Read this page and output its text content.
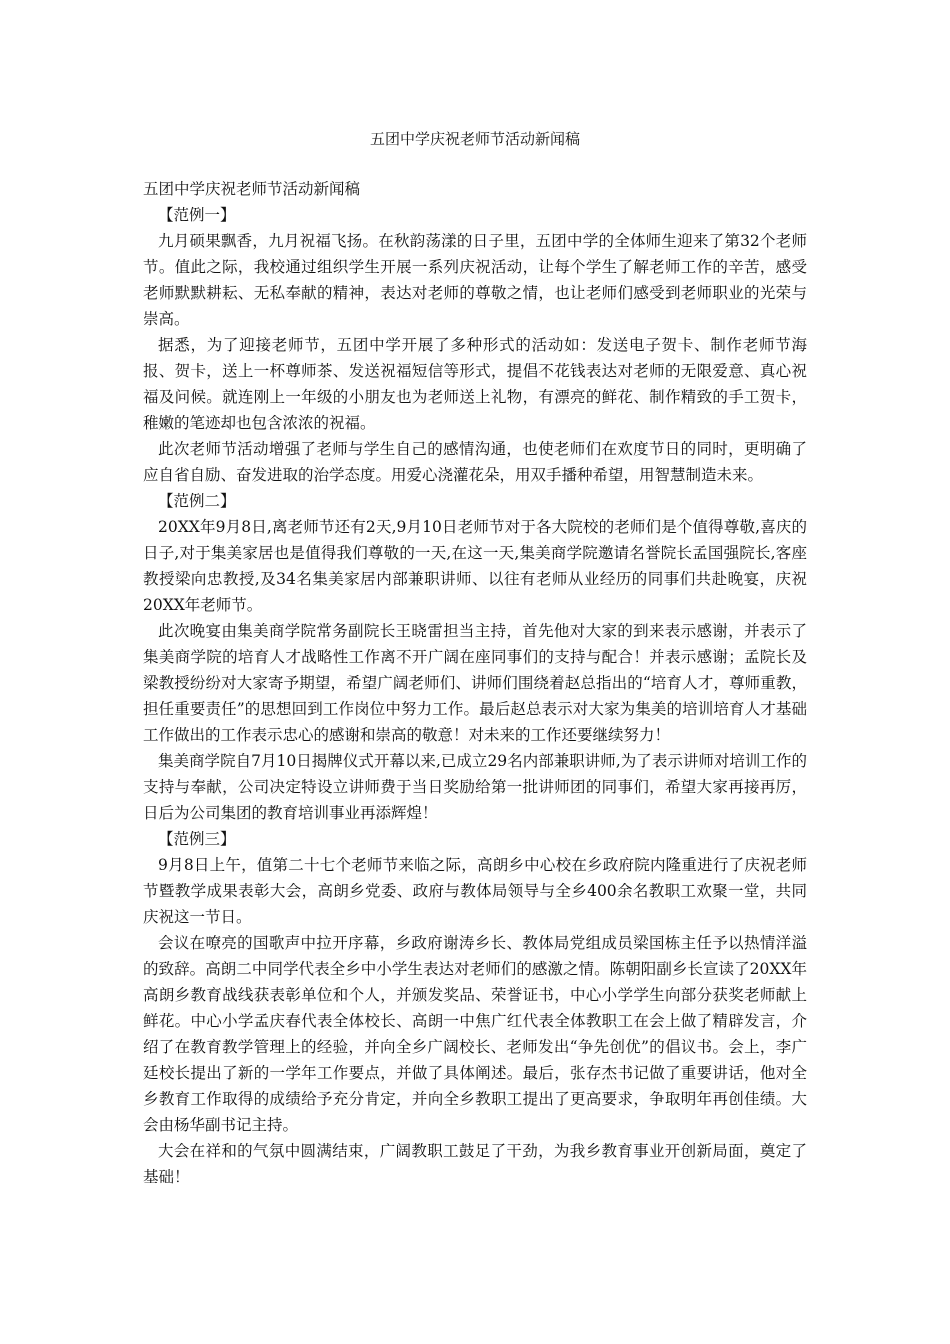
五团中学庆祝老师节活动新闻稿

五团中学庆祝老师节活动新闻稿

【范例一】

九月硕果飘香，九月祝福飞扬。在秋韵荡漾的日子里，五团中学的全体师生迎来了第32个老师节。值此之际，我校通过组织学生开展一系列庆祝活动，让每个学生了解老师工作的辛苦，感受老师默默耕耘、无私奉献的精神，表达对老师的尊敬之情，也让老师们感受到老师职业的光荣与崇高。

据悉，为了迎接老师节，五团中学开展了多种形式的活动如：发送电子贺卡、制作老师节海报、贺卡，送上一杯尊师茶、发送祝福短信等形式，提倡不花钱表达对老师的无限爱意、真心祝福及问候。就连刚上一年级的小朋友也为老师送上礼物，有漂亮的鲜花、制作精致的手工贺卡，稚嫩的笔迹却也包含浓浓的祝福。

此次老师节活动增强了老师与学生自己的感情沟通，也使老师们在欢度节日的同时，更明确了应自省自励、奋发进取的治学态度。用爱心浇灌花朵，用双手播种希望，用智慧制造未来。

【范例二】

20XX年9月8日,离老师节还有2天,9月10日老师节对于各大院校的老师们是个值得尊敬,喜庆的日子,对于集美家居也是值得我们尊敬的一天,在这一天,集美商学院邀请名誉院长孟国强院长,客座教授梁向忠教授,及34名集美家居内部兼职讲师、以往有老师从业经历的同事们共赴晚宴，庆祝20XX年老师节。

此次晚宴由集美商学院常务副院长王晓雷担当主持，首先他对大家的到来表示感谢，并表示了集美商学院的培育人才战略性工作离不开广阔在座同事们的支持与配合！并表示感谢；孟院长及梁教授纷纷对大家寄予期望，希望广阔老师们、讲师们围绕着赵总指出的“培育人才，尊师重教，担任重要责任”的思想回到工作岗位中努力工作。最后赵总表示对大家为集美的培训培育人才基础工作做出的工作表示忠心的感谢和崇高的敬意！对未来的工作还要继续努力！

集美商学院自7月10日揭牌仪式开幕以来,已成立29名内部兼职讲师,为了表示讲师对培训工作的支持与奉献，公司决定特设立讲师费于当日奖励给第一批讲师团的同事们，希望大家再接再厉，日后为公司集团的教育培训事业再添辉煌！

【范例三】

9月8日上午，值第二十七个老师节来临之际，高朗乡中心校在乡政府院内隆重进行了庆祝老师节暨教学成果表彰大会，高朗乡党委、政府与教体局领导与全乡400余名教职工欢聚一堂，共同庆祝这一节日。

会议在嘹亮的国歌声中拉开序幕，乡政府谢涛乡长、教体局党组成员梁国栋主任予以热情洋溢的致辞。高朗二中同学代表全乡中小学生表达对老师们的感激之情。陈朝阳副乡长宣读了20XX年高朗乡教育战线获表彰单位和个人，并颁发奖品、荣誉证书，中心小学学生向部分获奖老师献上鲜花。中心小学孟庆春代表全体校长、高朗一中焦广红代表全体教职工在会上做了精辟发言，介绍了在教育教学管理上的经验，并向全乡广阔校长、老师发出“争先创优”的倡议书。会上，李广廷校长提出了新的一学年工作要点，并做了具体阐述。最后，张存杰书记做了重要讲话，他对全乡教育工作取得的成绩给予充分肯定，并向全乡教职工提出了更高要求，争取明年再创佳绩。大会由杨华副书记主持。

大会在祥和的气氛中圆满结束，广阔教职工鼓足了干劲，为我乡教育事业开创新局面，奠定了基础！
